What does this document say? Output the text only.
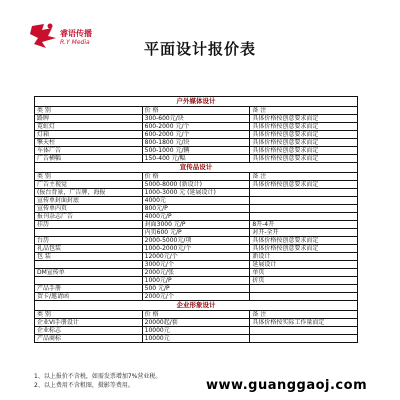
睿语传播
R.Y Media	平面设计报价表
户外媒体设计		
类 别	价 格	备 注
路牌	300-600元/块	具体价格按创意要求而定
霓虹灯	600-2000 元/个	具体价格按创意要求而定
灯箱	600-2000 元/个	具体价格按创意要求而定
擎天柱	800-1800 元/块	具体价格按创意要求而定
车体广告	500-1000 元/辆	具体价格按创意要求而定
广告横幅	150-400 元/幅	具体价格按创意要求而定
宣传品设计		
类 别	价 格	备 注
广告主视觉	5000-8000 (新设计)	具体价格按创意要求而定
(报台背景，广告牌，海报	1000-3000 元 (延展设计)	
宣传单封面封底	4000元	
宣传单内页	800元/P	
报刊杂志广告	4000元/P	
挂历	封面3000 元/P	8开-4开
	内页600 元/P	对开-全开
台历	2000-5000元/项	具体价格按创意要求而定
礼品包装	1000-2000元/个	具体价格按创意要求而定
包 装	12000元/个	新设计
	3000元/个	延展设计
DM宣传单	2000元/张	单页
	1000元/P	折页
产品手册	500 元/P	
贺卡/邀请函	2000元/个	
企业形象设计		
类 别	价 格	备 注
企业VI手册设计	20000起/套	具体价格按实际工作量而定
企业标志	10000元	
产品商标	10000元	
1、以上报价不含税，如需发票增加7%营业税。
2、以上费用不含租图，摄影等费用。	www.guanggaoj.com
